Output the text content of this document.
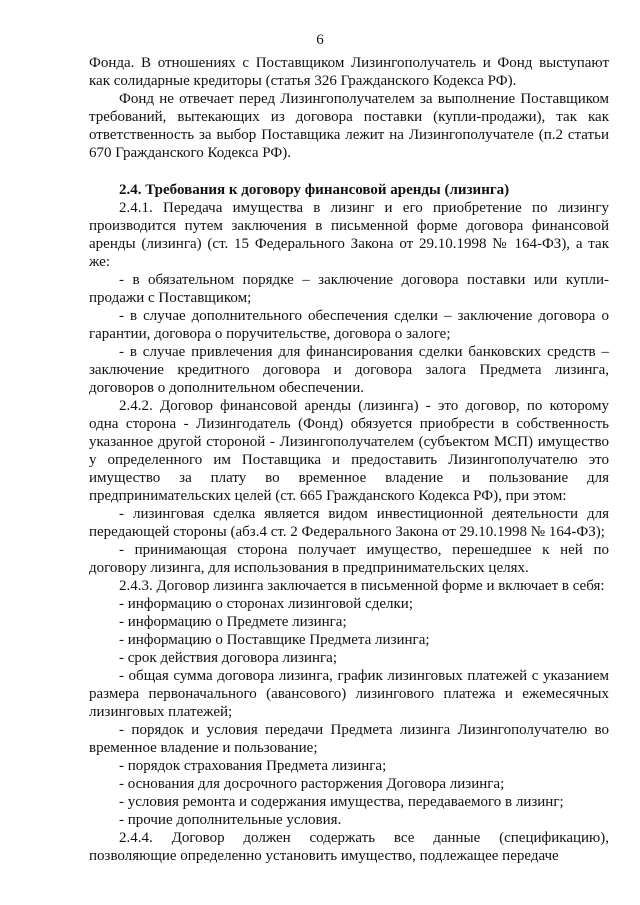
6

Фонда. В отношениях с Поставщиком Лизингополучатель и Фонд выступают как солидарные кредиторы (статья 326 Гражданского Кодекса РФ).

Фонд не отвечает перед Лизингополучателем за выполнение Поставщиком требований, вытекающих из договора поставки (купли-продажи), так как ответственность за выбор Поставщика лежит на Лизингополучателе (п.2 статьи 670 Гражданского Кодекса РФ).

2.4. Требования к договору финансовой аренды (лизинга)

2.4.1. Передача имущества в лизинг и его приобретение по лизингу производится путем заключения в письменной форме договора финансовой аренды (лизинга) (ст. 15 Федерального Закона от 29.10.1998 № 164-ФЗ), а так же:

- в обязательном порядке – заключение договора поставки или купли-продажи с Поставщиком;

- в случае дополнительного обеспечения сделки – заключение договора о гарантии, договора о поручительстве, договора о залоге;

- в случае привлечения для финансирования сделки банковских средств – заключение кредитного договора и договора залога Предмета лизинга, договоров о дополнительном обеспечении.

2.4.2. Договор финансовой аренды (лизинга) - это договор, по которому одна сторона - Лизингодатель (Фонд) обязуется приобрести в собственность указанное другой стороной - Лизингополучателем (субъектом МСП) имущество у определенного им Поставщика и предоставить Лизингополучателю это имущество за плату во временное владение и пользование для предпринимательских целей (ст. 665 Гражданского Кодекса РФ), при этом:

- лизинговая сделка является видом инвестиционной деятельности для передающей стороны (абз.4 ст. 2 Федерального Закона от 29.10.1998 № 164-ФЗ);

- принимающая сторона получает имущество, перешедшее к ней по договору лизинга, для использования в предпринимательских целях.

2.4.3. Договор лизинга заключается в письменной форме и включает в себя:

- информацию о сторонах лизинговой сделки;

- информацию о Предмете лизинга;

- информацию о Поставщике Предмета лизинга;

- срок действия договора лизинга;

- общая сумма договора лизинга, график лизинговых платежей с указанием размера первоначального (авансового) лизингового платежа и ежемесячных лизинговых платежей;

- порядок и условия передачи Предмета лизинга Лизингополучателю во временное владение и пользование;

- порядок страхования Предмета лизинга;

- основания для досрочного расторжения Договора лизинга;

- условия ремонта и содержания имущества, передаваемого в лизинг;

- прочие дополнительные условия.

2.4.4. Договор должен содержать все данные (спецификацию), позволяющие определенно установить имущество, подлежащее передаче
